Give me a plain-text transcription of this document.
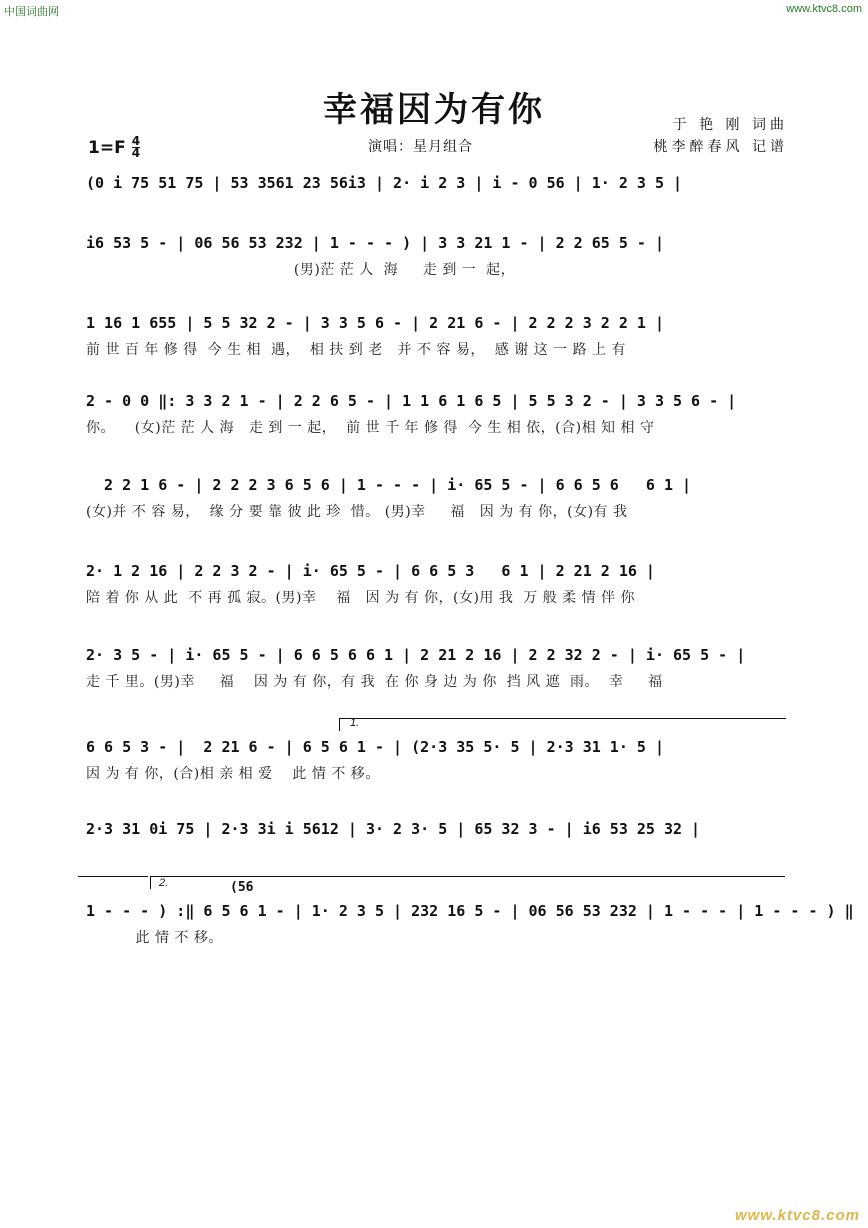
中国词曲网	www.ktvc8.com
www.ktvc8.com
幸福因为有你	于 艳 刚 词曲
桃李醉春风 记谱
1=F 4
4	演唱：星月组合
(0 i 75 51 75 | 53 3561 23 56i3 | 2· i 2 3 | i - 0 56 | 1· 2 3 5 |
i6 53 5 - | 06 56 53 232 | 1 - - - ) | 3 3 21 1 - | 2 2 65 5 - |
(男)茫 茫 人  海     走 到 一  起，
1 16 1 655 | 5 5 32 2 - | 3 3 5 6 - | 2 21 6 - | 2 2 2 3 2 2 1 |
前 世 百 年 修 得  今 生 相  遇，  相 扶 到 老   并 不 容 易，  感 谢 这 一 路 上 有
2 - 0 0 ‖: 3 3 2 1 - | 2 2 6 5 - | 1 1 6 1 6 5 | 5 5 3 2 - | 3 3 5 6 - |
你。    (女)茫 茫 人 海   走 到 一 起，  前 世 千 年 修 得  今 生 相 依，(合)相 知 相 守
2 2 1 6 - | 2 2 2 3 6 5 6 | 1 - - - | i· 65 5 - | 6 6 5 6   6 1 |
(女)并 不 容 易，  缘 分 要 靠 彼 此 珍  惜。 (男)幸     福   因 为 有 你，(女)有 我
2· 1 2 16 | 2 2 3 2 - | i· 65 5 - | 6 6 5 3   6 1 | 2 21 2 16 |
陪 着 你 从 此  不 再 孤 寂。(男)幸    福   因 为 有 你，(女)用 我  万 般 柔 情 伴 你
2· 3 5 - | i· 65 5 - | 6 6 5 6 6 1 | 2 21 2 16 | 2 2 32 2 - | i· 65 5 - |
走 千 里。(男)幸     福    因 为 有 你，有 我  在 你 身 边 为 你  挡 风 遮  雨。  幸     福
6 6 5 3 - |  2 21 6 - | 6 5 6 1 - | (2·3 35 5· 5 | 2·3 31 1· 5 |
因 为 有 你，(合)相 亲 相 爱    此 情 不 移。
2·3 31 0i 75 | 2·3 3i i 5612 | 3· 2 3· 5 | 65 32 3 - | i6 53 25 32 |
1 - - - ) :‖ 6 5 6 1 - | 1· 2 3 5 | 232 16 5 - | 06 56 53 232 | 1 - - - | 1 - - - ) ‖
此 情 不 移。
1.
2.	(56
